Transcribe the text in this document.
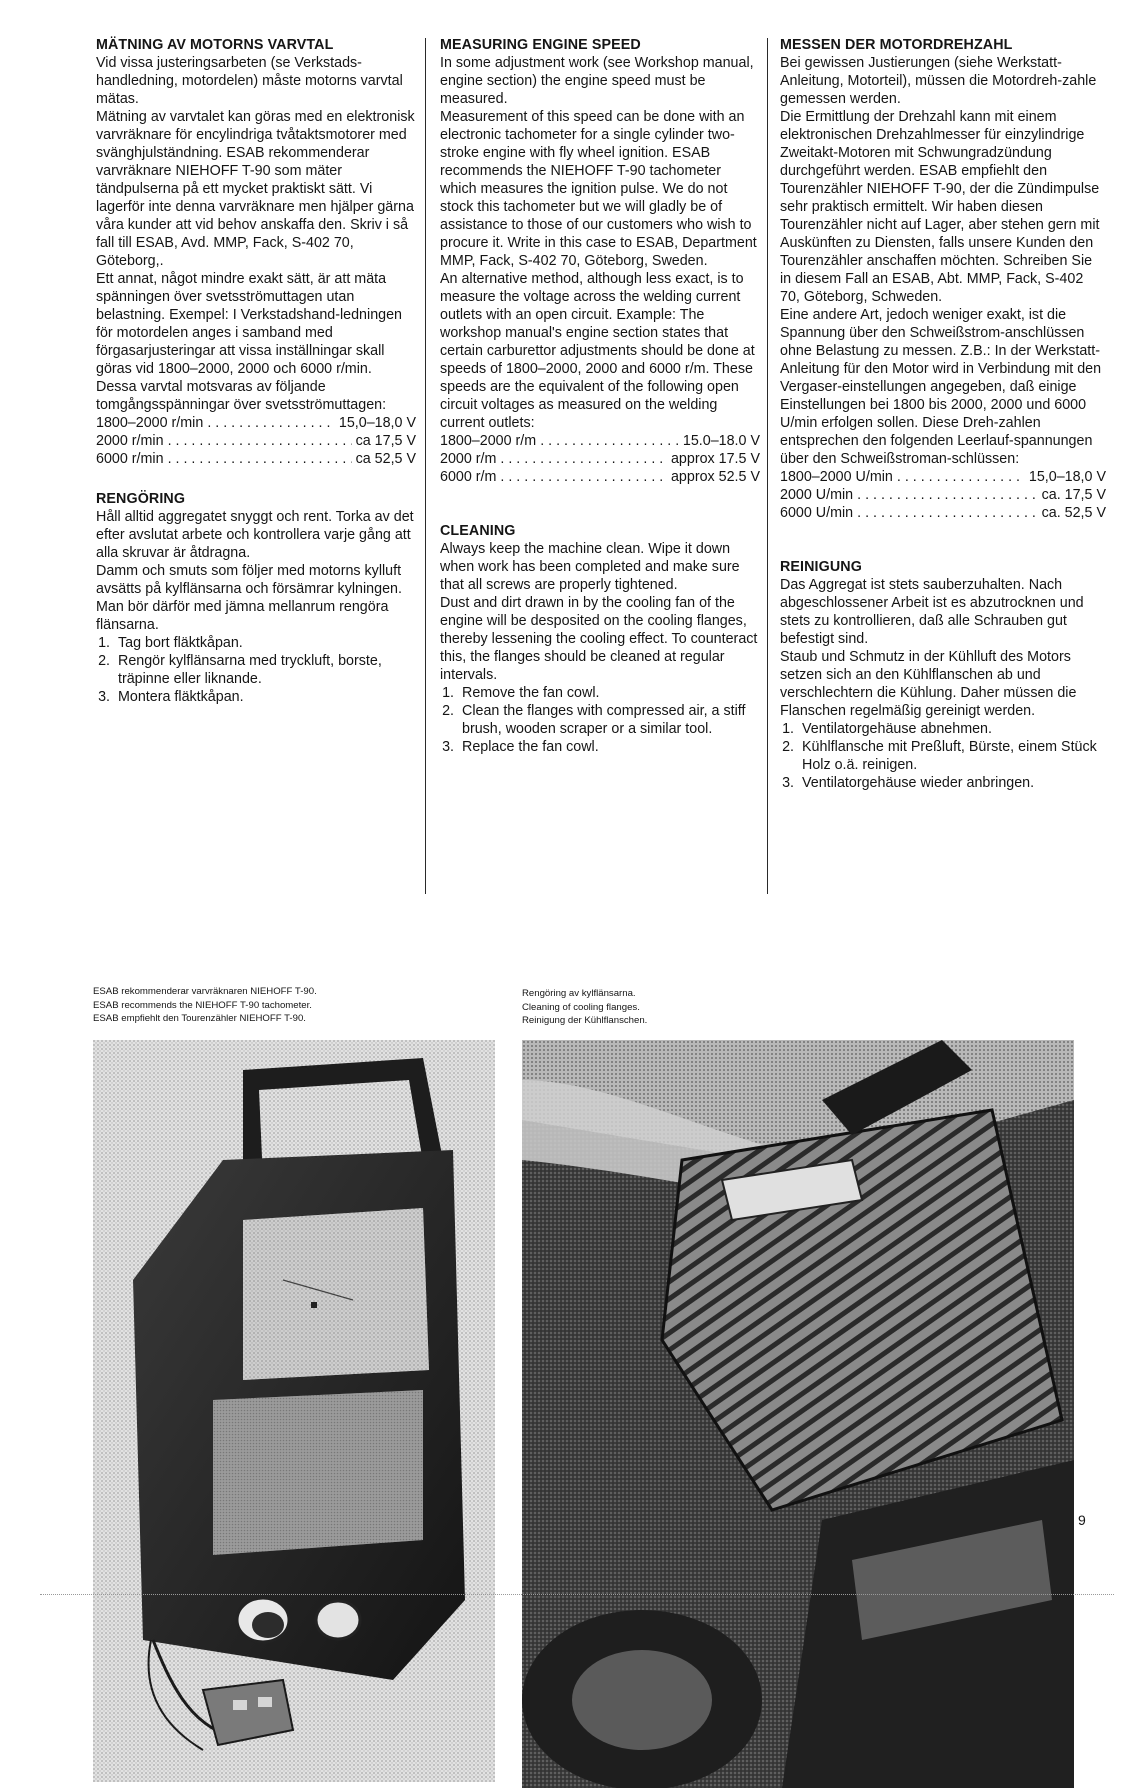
MÄTNING AV MOTORNS VARVTAL

Vid vissa justeringsarbeten (se Verkstads-handledning, motordelen) måste motorns varvtal mätas.

Mätning av varvtalet kan göras med en elektronisk varvräknare för encylindriga tvåtaktsmotorer med svänghjulständning. ESAB rekommenderar varvräknare NIEHOFF T-90 som mäter tändpulserna på ett mycket praktiskt sätt. Vi lagerför inte denna varvräknare men hjälper gärna våra kunder att vid behov anskaffa den. Skriv i så fall till ESAB, Avd. MMP, Fack, S-402 70, Göteborg,.

Ett annat, något mindre exakt sätt, är att mäta spänningen över svetsströmuttagen utan belastning. Exempel: I Verkstadshand-ledningen för motordelen anges i samband med förgasarjusteringar att vissa inställningar skall göras vid 1800–2000, 2000 och 6000 r/min. Dessa varvtal motsvaras av följande tomgångsspänningar över svetsströmuttagen:

1800–2000 r/min . . .	15,0–18,0 V
2000 r/min . . .	ca 17,5 V
6000 r/min . . .	ca 52,5 V
RENGÖRING

Håll alltid aggregatet snyggt och rent. Torka av det efter avslutat arbete och kontrollera varje gång att alla skruvar är åtdragna.

Damm och smuts som följer med motorns kylluft avsätts på kylflänsarna och försämrar kylningen. Man bör därför med jämna mellanrum rengöra flänsarna.

1. Tag bort fläktkåpan.
2. Rengör kylflänsarna med tryckluft, borste, träpinne eller liknande.
3. Montera fläktkåpan.
MEASURING ENGINE SPEED

In some adjustment work (see Workshop manual, engine section) the engine speed must be measured.

Measurement of this speed can be done with an electronic tachometer for a single cylinder two-stroke engine with fly wheel ignition. ESAB recommends the NIEHOFF T-90 tachometer which measures the ignition pulse. We do not stock this tachometer but we will gladly be of assistance to those of our customers who wish to procure it. Write in this case to ESAB, Department MMP, Fack, S-402 70, Göteborg, Sweden.

An alternative method, although less exact, is to measure the voltage across the welding current outlets with an open circuit. Example: The workshop manual's engine section states that certain carburettor adjustments should be done at speeds of 1800–2000, 2000 and 6000 r/m. These speeds are the equivalent of the following open circuit voltages as measured on the welding current outlets:

1800–2000 r/m . . .	15.0–18.0 V
2000 r/m . . .	approx 17.5 V
6000 r/m . . .	approx 52.5 V
CLEANING

Always keep the machine clean. Wipe it down when work has been completed and make sure that all screws are properly tightened.

Dust and dirt drawn in by the cooling fan of the engine will be desposited on the cooling flanges, thereby lessening the cooling effect. To counteract this, the flanges should be cleaned at regular intervals.

1. Remove the fan cowl.
2. Clean the flanges with compressed air, a stiff brush, wooden scraper or a similar tool.
3. Replace the fan cowl.
MESSEN DER MOTORDREHZAHL

Bei gewissen Justierungen (siehe Werkstatt-Anleitung, Motorteil), müssen die Motordreh-zahle gemessen werden.

Die Ermittlung der Drehzahl kann mit einem elektronischen Drehzahlmesser für einzylindrige Zweitakt-Motoren mit Schwungradzündung durchgeführt werden. ESAB empfiehlt den Tourenzähler NIEHOFF T-90, der die Zündimpulse sehr praktisch ermittelt. Wir haben diesen Tourenzähler nicht auf Lager, aber stehen gern mit Auskünften zu Diensten, falls unsere Kunden den Tourenzähler anschaffen möchten. Schreiben Sie in diesem Fall an ESAB, Abt. MMP, Fack, S-402 70, Göteborg, Schweden.

Eine andere Art, jedoch weniger exakt, ist die Spannung über den Schweißstrom-anschlüssen ohne Belastung zu messen. Z.B.: In der Werkstatt-Anleitung für den Motor wird in Verbindung mit den Vergaser-einstellungen angegeben, daß einige Einstellungen bei 1800 bis 2000, 2000 und 6000 U/min erfolgen sollen. Diese Dreh-zahlen entsprechen den folgenden Leerlauf-spannungen über den Schweißstroman-schlüssen:

1800–2000 U/min . . .	15,0–18,0 V
2000 U/min . . .	ca. 17,5 V
6000 U/min . . .	ca. 52,5 V
REINIGUNG

Das Aggregat ist stets sauberzuhalten. Nach abgeschlossener Arbeit ist es abzutrocknen und stets zu kontrollieren, daß alle Schrauben gut befestigt sind.

Staub und Schmutz in der Kühlluft des Motors setzen sich an den Kühlflanschen ab und verschlechtern die Kühlung. Daher müssen die Flanschen regelmäßig gereinigt werden.

1. Ventilatorgehäuse abnehmen.
2. Kühlflansche mit Preßluft, Bürste, einem Stück Holz o.ä. reinigen.
3. Ventilatorgehäuse wieder anbringen.
ESAB rekommenderar varvräknaren NIEHOFF T-90.
ESAB recommends the NIEHOFF T-90 tachometer.
ESAB empfiehlt den Tourenzähler NIEHOFF T-90.
Rengöring av kylflänsarna.
Cleaning of cooling flanges.
Reinigung der Kühlflanschen.
9
